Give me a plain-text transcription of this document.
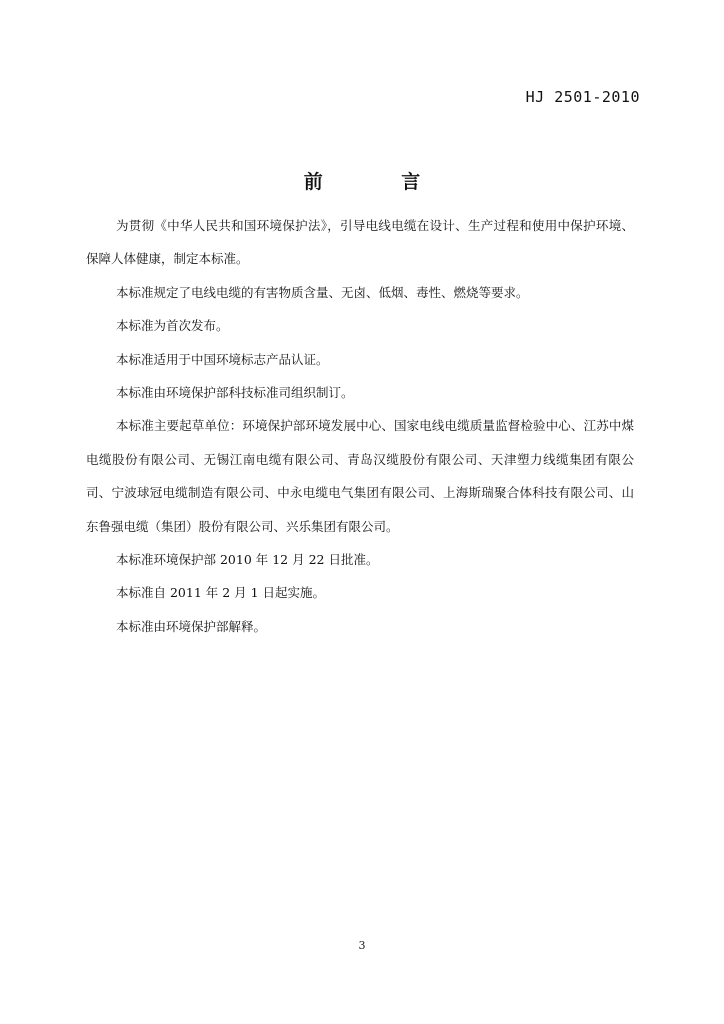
HJ 2501-2010
前 言

为贯彻《中华人民共和国环境保护法》，引导电线电缆在设计、生产过程和使用中保护环境、保障人体健康，制定本标准。

本标准规定了电线电缆的有害物质含量、无卤、低烟、毒性、燃烧等要求。

本标准为首次发布。

本标准适用于中国环境标志产品认证。

本标准由环境保护部科技标准司组织制订。

本标准主要起草单位：环境保护部环境发展中心、国家电线电缆质量监督检验中心、江苏中煤电缆股份有限公司、无锡江南电缆有限公司、青岛汉缆股份有限公司、天津塑力线缆集团有限公司、宁波球冠电缆制造有限公司、中永电缆电气集团有限公司、上海斯瑞聚合体科技有限公司、山东鲁强电缆（集团）股份有限公司、兴乐集团有限公司。

本标准环境保护部 2010 年 12 月 22 日批准。

本标准自 2011 年 2 月 1 日起实施。

本标准由环境保护部解释。

3
